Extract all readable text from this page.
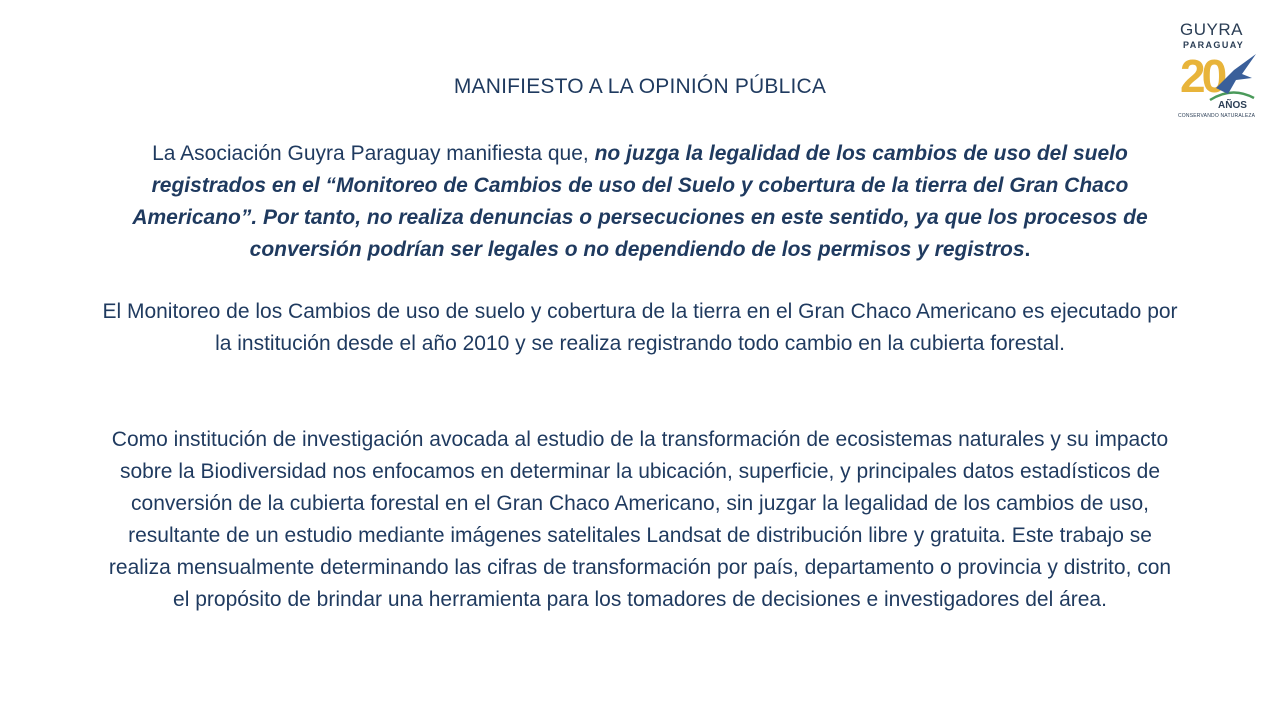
GUYRA
PARAGUAY
20
AÑOS
CONSERVANDO NATURALEZA
MANIFIESTO A LA OPINIÓN PÚBLICA
La Asociación Guyra Paraguay manifiesta que, no juzga la legalidad de los cambios de uso del suelo registrados en el “Monitoreo de Cambios de uso del Suelo y cobertura de la tierra del Gran Chaco Americano”. Por tanto, no realiza denuncias o persecuciones en este sentido, ya que los procesos de conversión podrían ser legales o no dependiendo de los permisos y registros.
El Monitoreo de los Cambios de uso de suelo y cobertura de la tierra en el Gran Chaco Americano es ejecutado por la institución desde el año 2010 y se realiza registrando todo cambio en la cubierta forestal.
Como institución de investigación avocada al estudio de la transformación de ecosistemas naturales y su impacto sobre la Biodiversidad nos enfocamos en determinar la ubicación, superficie, y principales datos estadísticos de conversión de la cubierta forestal en el Gran Chaco Americano, sin juzgar la legalidad de los cambios de uso, resultante de un estudio mediante imágenes satelitales Landsat de distribución libre y gratuita. Este trabajo se realiza mensualmente determinando las cifras de transformación por país, departamento o provincia y distrito, con el propósito de brindar una herramienta para los tomadores de decisiones e investigadores del área.
